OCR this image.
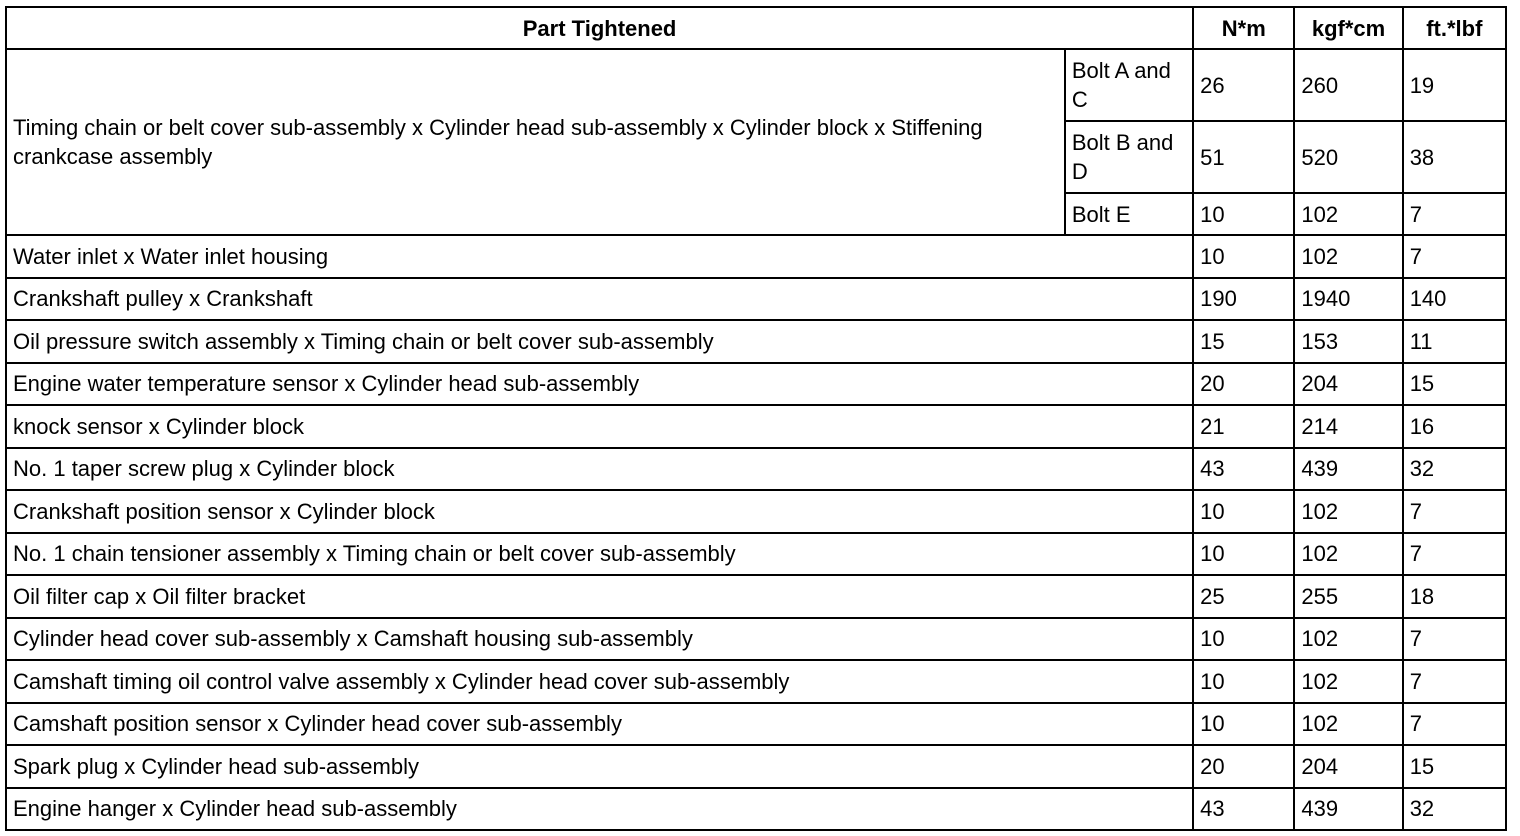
Part Tightened		N*m	kgf*cm	ft.*lbf
Timing chain or belt cover sub-assembly x Cylinder head sub-assembly x Cylinder block x Stiffening crankcase assembly	Bolt A and C	26	260	19
	Bolt B and D	51	520	38
	Bolt E	10	102	7
Water inlet x Water inlet housing		10	102	7
Crankshaft pulley x Crankshaft		190	1940	140
Oil pressure switch assembly x Timing chain or belt cover sub-assembly		15	153	11
Engine water temperature sensor x Cylinder head sub-assembly		20	204	15
knock sensor x Cylinder block		21	214	16
No. 1 taper screw plug x Cylinder block		43	439	32
Crankshaft position sensor x Cylinder block		10	102	7
No. 1 chain tensioner assembly x Timing chain or belt cover sub-assembly		10	102	7
Oil filter cap x Oil filter bracket		25	255	18
Cylinder head cover sub-assembly x Camshaft housing sub-assembly		10	102	7
Camshaft timing oil control valve assembly x Cylinder head cover sub-assembly		10	102	7
Camshaft position sensor x Cylinder head cover sub-assembly		10	102	7
Spark plug x Cylinder head sub-assembly		20	204	15
Engine hanger x Cylinder head sub-assembly		43	439	32
